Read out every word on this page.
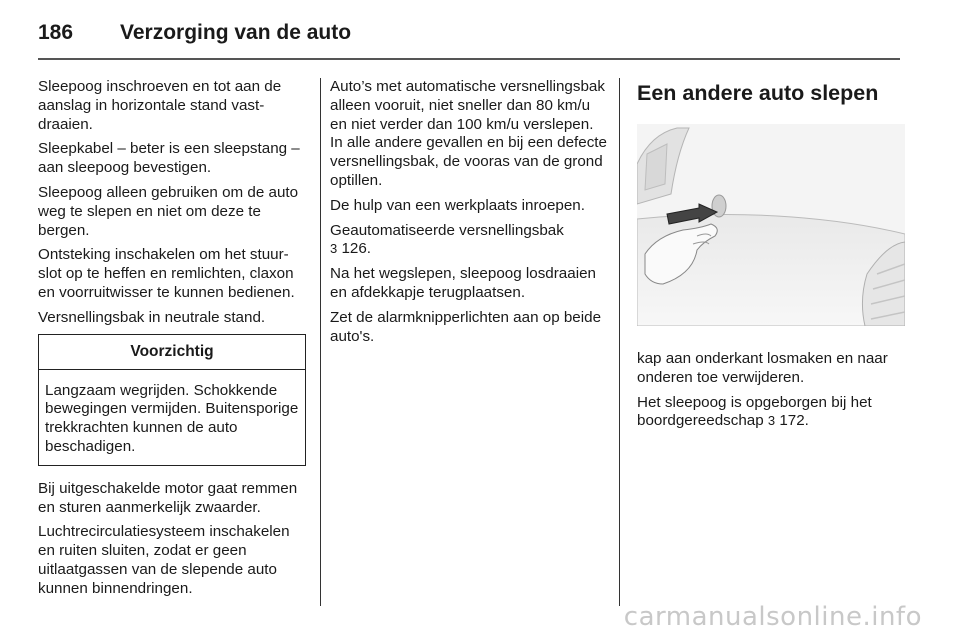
186	Verzorging van de auto

Sleepoog inschroeven en tot aan de aanslag in horizontale stand vastdraaien.

Sleepkabel – beter is een sleepstang – aan sleepoog bevestigen.

Sleepoog alleen gebruiken om de auto weg te slepen en niet om deze te bergen.

Ontsteking inschakelen om het stuurslot op te heffen en remlichten, claxon en voorruitwisser te kunnen bedienen.

Versnellingsbak in neutrale stand.

Voorzichtig
Langzaam wegrijden. Schokkende bewegingen vermijden. Buitensporige trekkrachten kunnen de auto beschadigen.

Bij uitgeschakelde motor gaat remmen en sturen aanmerkelijk zwaarder.

Luchtrecirculatiesysteem inschakelen en ruiten sluiten, zodat er geen uitlaatgassen van de slepende auto kunnen binnendringen.

Auto’s met automatische versnellingsbak alleen vooruit, niet sneller dan 80 km/u en niet verder dan 100 km/u verslepen. In alle andere gevallen en bij een defecte versnellingsbak, de vooras van de grond optillen.

De hulp van een werkplaats inroepen.

Geautomatiseerde versnellingsbak
3 126.

Na het wegslepen, sleepoog losdraaien en afdekkapje terugplaatsen.

Zet de alarmknipperlichten aan op beide auto's.

Een andere auto slepen

kap aan onderkant losmaken en naar onderen toe verwijderen.

Het sleepoog is opgeborgen bij het boordgereedschap 3 172.

carmanualsonline.info
